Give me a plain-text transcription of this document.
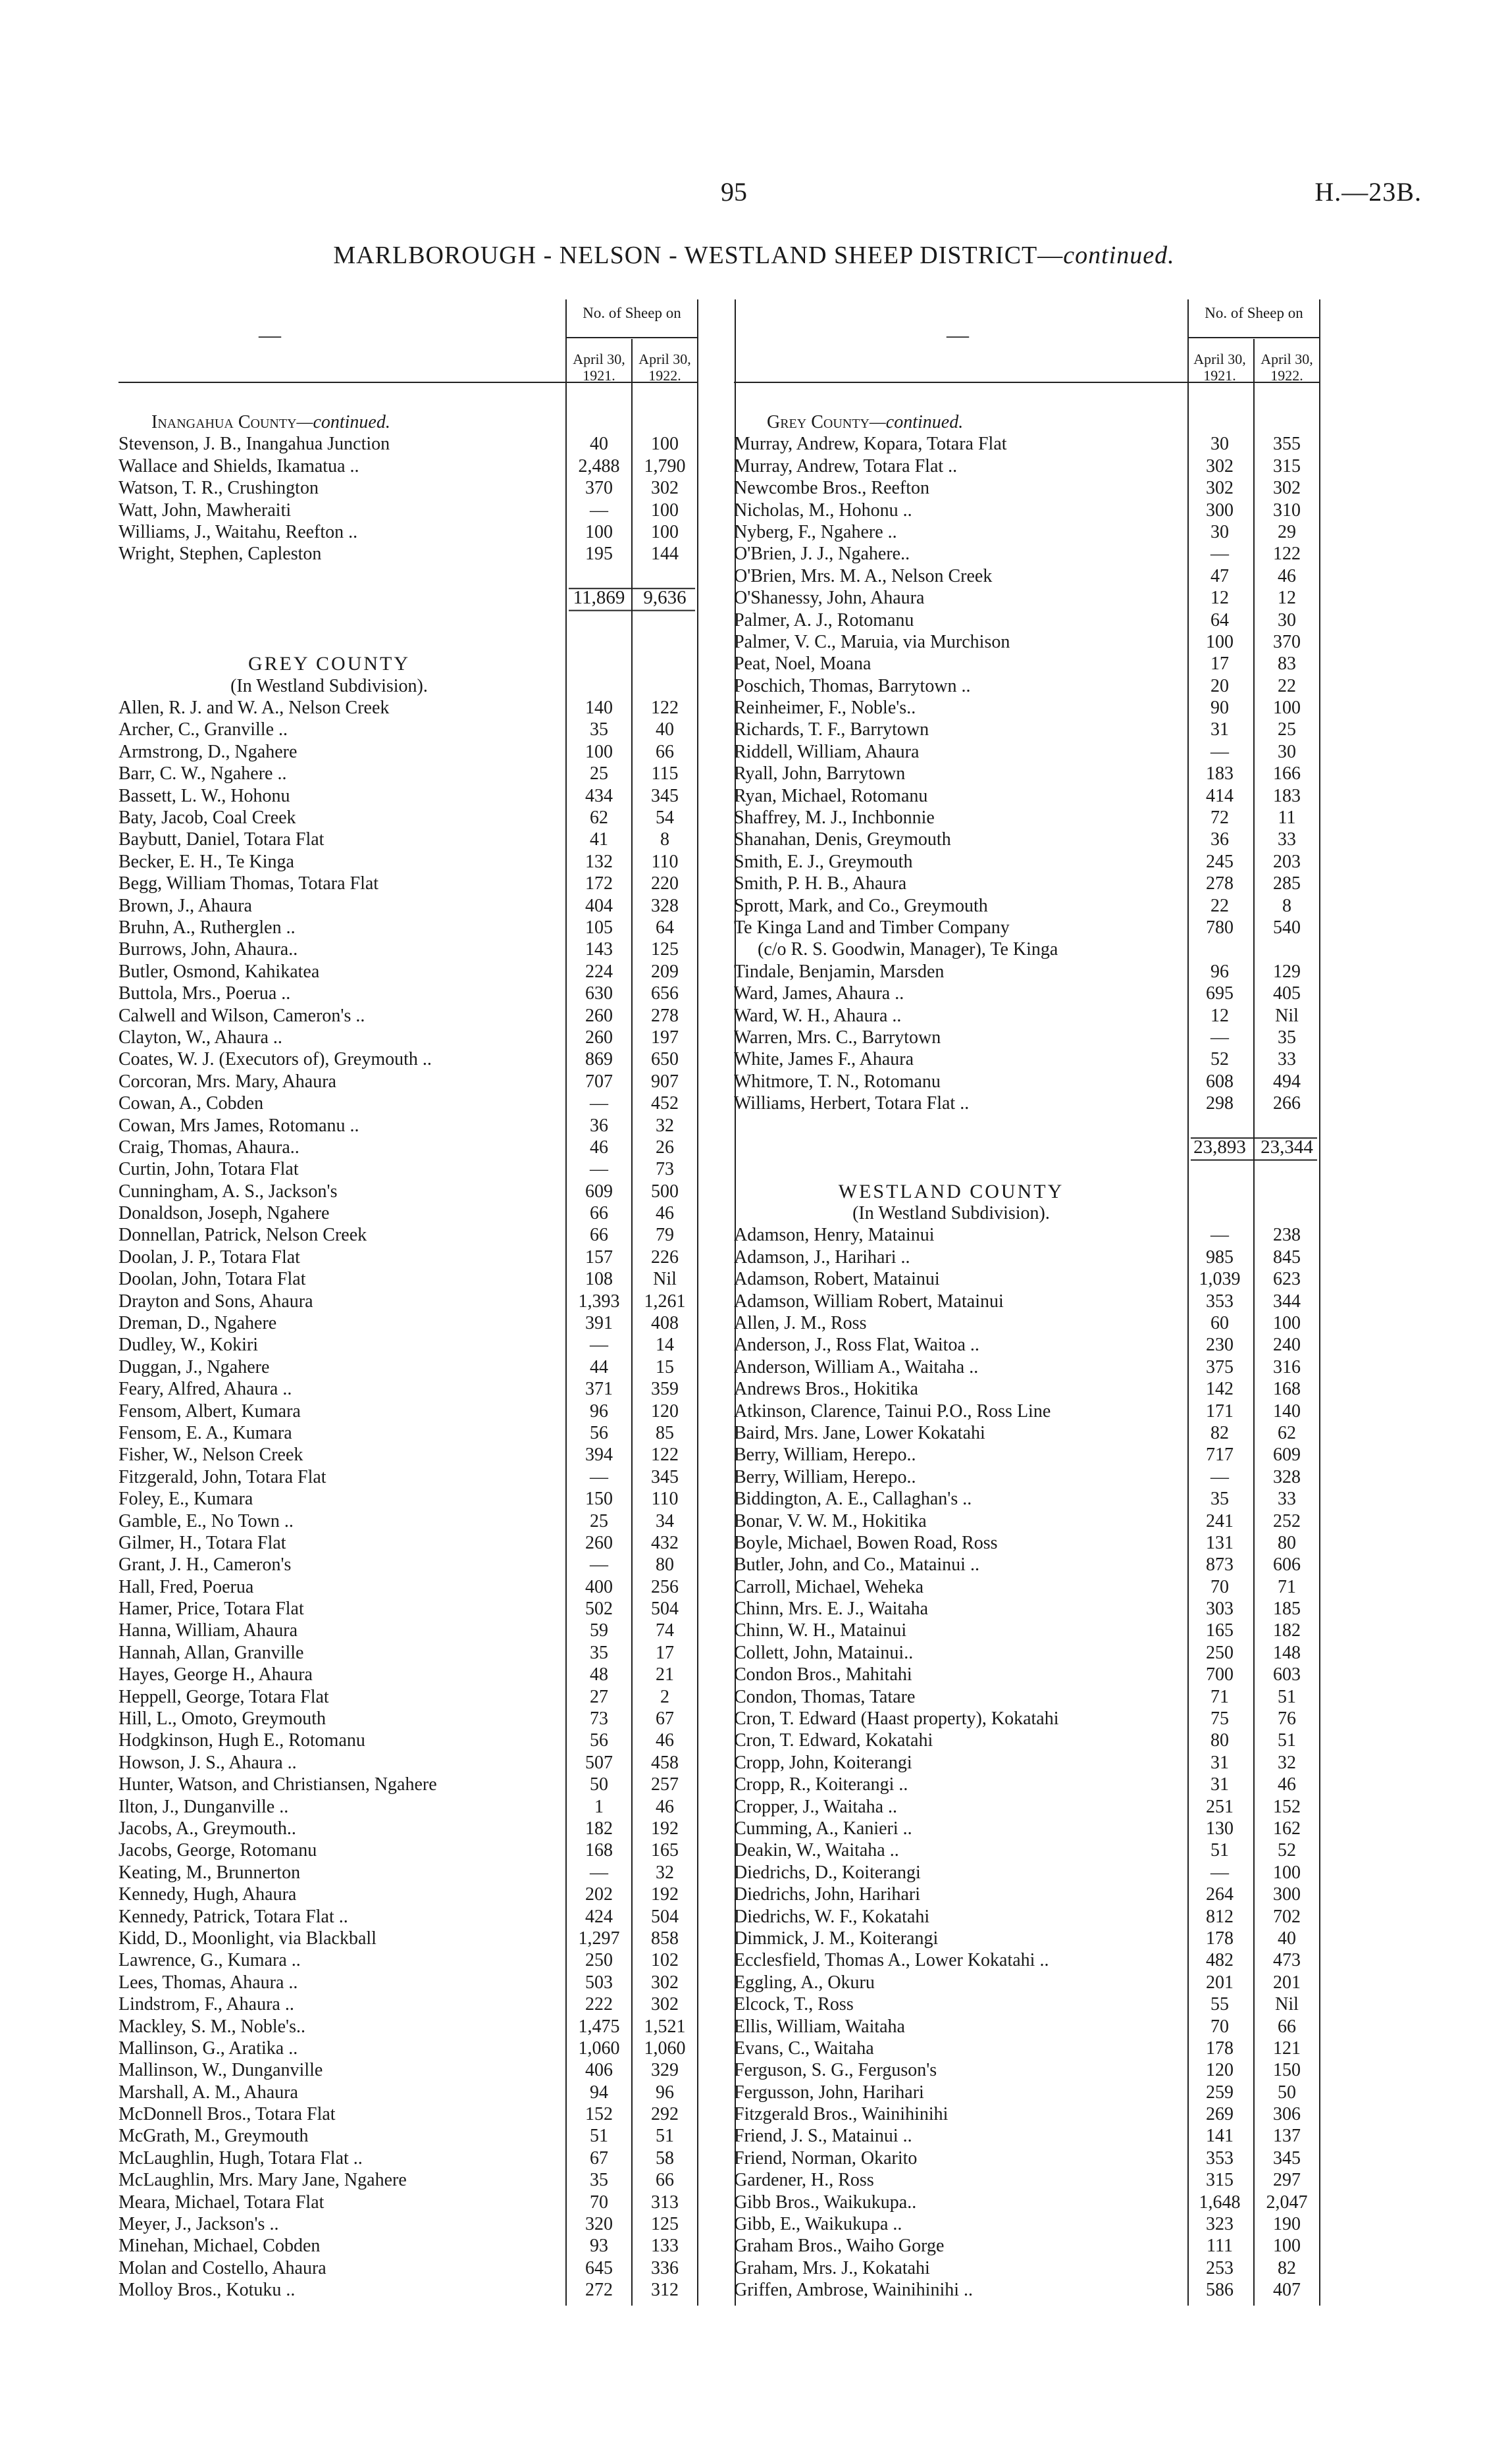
95	H.—23B.
MARLBOROUGH - NELSON - WESTLAND SHEEP DISTRICT—continued.
—
No. of Sheep on
April 30, 1921.
April 30, 1922.
Inangahua County—continued.
Stevenson, J. B., Inangahua Junction	40	100
Wallace and Shields, Ikamatua ..	2,488	1,790
Watson, T. R., Crushington	370	302
Watt, John, Mawheraiti	—	100
Williams, J., Waitahu, Reefton ..	100	100
Wright, Stephen, Capleston	195	144
11,869 9,636
GREY COUNTY
(In Westland Subdivision).
Allen, R. J. and W. A., Nelson Creek	140	122
Archer, C., Granville ..	35	40
Armstrong, D., Ngahere	100	66
Barr, C. W., Ngahere ..	25	115
Bassett, L. W., Hohonu	434	345
Baty, Jacob, Coal Creek	62	54
Baybutt, Daniel, Totara Flat	41	8
Becker, E. H., Te Kinga	132	110
Begg, William Thomas, Totara Flat	172	220
Brown, J., Ahaura	404	328
Bruhn, A., Rutherglen ..	105	64
Burrows, John, Ahaura..	143	125
Butler, Osmond, Kahikatea	224	209
Buttola, Mrs., Poerua ..	630	656
Calwell and Wilson, Cameron's ..	260	278
Clayton, W., Ahaura ..	260	197
Coates, W. J. (Executors of), Greymouth ..	869	650
Corcoran, Mrs. Mary, Ahaura	707	907
Cowan, A., Cobden	—	452
Cowan, Mrs James, Rotomanu ..	36	32
Craig, Thomas, Ahaura..	46	26
Curtin, John, Totara Flat	—	73
Cunningham, A. S., Jackson's	609	500
Donaldson, Joseph, Ngahere	66	46
Donnellan, Patrick, Nelson Creek	66	79
Doolan, J. P., Totara Flat	157	226
Doolan, John, Totara Flat	108	Nil
Drayton and Sons, Ahaura	1,393	1,261
Dreman, D., Ngahere	391	408
Dudley, W., Kokiri	—	14
Duggan, J., Ngahere	44	15
Feary, Alfred, Ahaura ..	371	359
Fensom, Albert, Kumara	96	120
Fensom, E. A., Kumara	56	85
Fisher, W., Nelson Creek	394	122
Fitzgerald, John, Totara Flat	—	345
Foley, E., Kumara	150	110
Gamble, E., No Town ..	25	34
Gilmer, H., Totara Flat	260	432
Grant, J. H., Cameron's	—	80
Hall, Fred, Poerua	400	256
Hamer, Price, Totara Flat	502	504
Hanna, William, Ahaura	59	74
Hannah, Allan, Granville	35	17
Hayes, George H., Ahaura	48	21
Heppell, George, Totara Flat	27	2
Hill, L., Omoto, Greymouth	73	67
Hodgkinson, Hugh E., Rotomanu	56	46
Howson, J. S., Ahaura ..	507	458
Hunter, Watson, and Christiansen, Ngahere	50	257
Ilton, J., Dunganville ..	1	46
Jacobs, A., Greymouth..	182	192
Jacobs, George, Rotomanu	168	165
Keating, M., Brunnerton	—	32
Kennedy, Hugh, Ahaura	202	192
Kennedy, Patrick, Totara Flat ..	424	504
Kidd, D., Moonlight, via Blackball	1,297	858
Lawrence, G., Kumara ..	250	102
Lees, Thomas, Ahaura ..	503	302
Lindstrom, F., Ahaura ..	222	302
Mackley, S. M., Noble's..	1,475	1,521
Mallinson, G., Aratika ..	1,060	1,060
Mallinson, W., Dunganville	406	329
Marshall, A. M., Ahaura	94	96
McDonnell Bros., Totara Flat	152	292
McGrath, M., Greymouth	51	51
McLaughlin, Hugh, Totara Flat ..	67	58
McLaughlin, Mrs. Mary Jane, Ngahere	35	66
Meara, Michael, Totara Flat	70	313
Meyer, J., Jackson's ..	320	125
Minehan, Michael, Cobden	93	133
Molan and Costello, Ahaura	645	336
Molloy Bros., Kotuku ..	272	312
—
No. of Sheep on
April 30, 1921.
April 30, 1922.
Grey County—continued.
Murray, Andrew, Kopara, Totara Flat	30	355
Murray, Andrew, Totara Flat ..	302	315
Newcombe Bros., Reefton	302	302
Nicholas, M., Hohonu ..	300	310
Nyberg, F., Ngahere ..	30	29
O'Brien, J. J., Ngahere..	—	122
O'Brien, Mrs. M. A., Nelson Creek	47	46
O'Shanessy, John, Ahaura	12	12
Palmer, A. J., Rotomanu	64	30
Palmer, V. C., Maruia, via Murchison	100	370
Peat, Noel, Moana	17	83
Poschich, Thomas, Barrytown ..	20	22
Reinheimer, F., Noble's..	90	100
Richards, T. F., Barrytown	31	25
Riddell, William, Ahaura	—	30
Ryall, John, Barrytown	183	166
Ryan, Michael, Rotomanu	414	183
Shaffrey, M. J., Inchbonnie	72	11
Shanahan, Denis, Greymouth	36	33
Smith, E. J., Greymouth	245	203
Smith, P. H. B., Ahaura	278	285
Sprott, Mark, and Co., Greymouth	22	8
Te Kinga Land and Timber Company	780	540
(c/o R. S. Goodwin, Manager), Te Kinga
Tindale, Benjamin, Marsden	96	129
Ward, James, Ahaura ..	695	405
Ward, W. H., Ahaura ..	12	Nil
Warren, Mrs. C., Barrytown	—	35
White, James F., Ahaura	52	33
Whitmore, T. N., Rotomanu	608	494
Williams, Herbert, Totara Flat ..	298	266
23,893 23,344
WESTLAND COUNTY
(In Westland Subdivision).
Adamson, Henry, Matainui	—	238
Adamson, J., Harihari ..	985	845
Adamson, Robert, Matainui	1,039	623
Adamson, William Robert, Matainui	353	344
Allen, J. M., Ross	60	100
Anderson, J., Ross Flat, Waitoa ..	230	240
Anderson, William A., Waitaha ..	375	316
Andrews Bros., Hokitika	142	168
Atkinson, Clarence, Tainui P.O., Ross Line	171	140
Baird, Mrs. Jane, Lower Kokatahi	82	62
Berry, William, Herepo..	717	609
Berry, William, Herepo..	—	328
Biddington, A. E., Callaghan's ..	35	33
Bonar, V. W. M., Hokitika	241	252
Boyle, Michael, Bowen Road, Ross	131	80
Butler, John, and Co., Matainui ..	873	606
Carroll, Michael, Weheka	70	71
Chinn, Mrs. E. J., Waitaha	303	185
Chinn, W. H., Matainui	165	182
Collett, John, Matainui..	250	148
Condon Bros., Mahitahi	700	603
Condon, Thomas, Tatare	71	51
Cron, T. Edward (Haast property), Kokatahi	75	76
Cron, T. Edward, Kokatahi	80	51
Cropp, John, Koiterangi	31	32
Cropp, R., Koiterangi ..	31	46
Cropper, J., Waitaha ..	251	152
Cumming, A., Kanieri ..	130	162
Deakin, W., Waitaha ..	51	52
Diedrichs, D., Koiterangi	—	100
Diedrichs, John, Harihari	264	300
Diedrichs, W. F., Kokatahi	812	702
Dimmick, J. M., Koiterangi	178	40
Ecclesfield, Thomas A., Lower Kokatahi ..	482	473
Eggling, A., Okuru	201	201
Elcock, T., Ross	55	Nil
Ellis, William, Waitaha	70	66
Evans, C., Waitaha	178	121
Ferguson, S. G., Ferguson's	120	150
Fergusson, John, Harihari	259	50
Fitzgerald Bros., Wainihinihi	269	306
Friend, J. S., Matainui ..	141	137
Friend, Norman, Okarito	353	345
Gardener, H., Ross	315	297
Gibb Bros., Waikukupa..	1,648	2,047
Gibb, E., Waikukupa ..	323	190
Graham Bros., Waiho Gorge	111	100
Graham, Mrs. J., Kokatahi	253	82
Griffen, Ambrose, Wainihinihi ..	586	407
